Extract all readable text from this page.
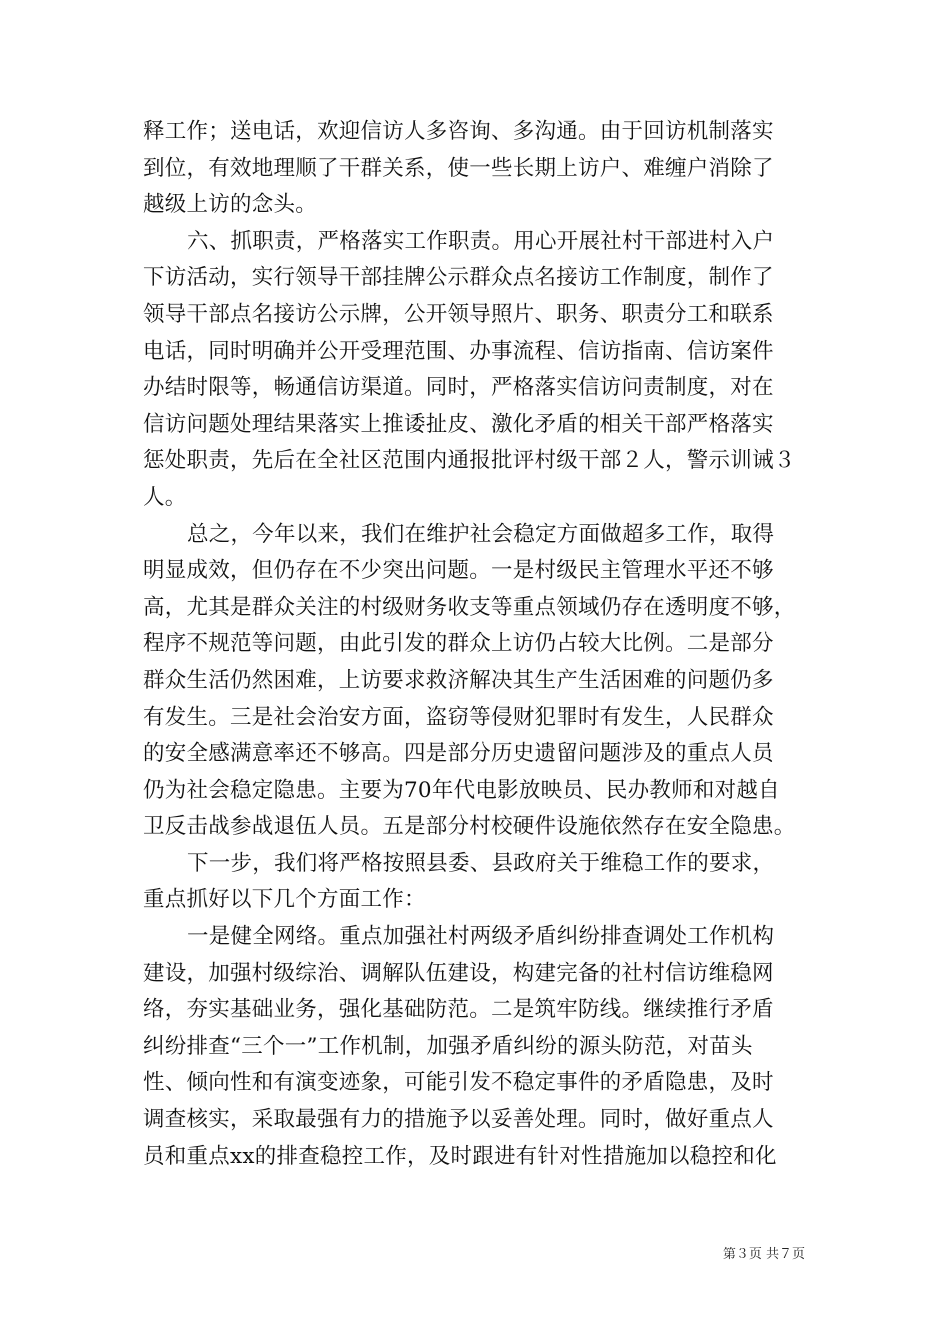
释工作；送电话，欢迎信访人多咨询、多沟通。由于回访机制落实
到位，有效地理顺了干群关系，使一些长期上访户、难缠户消除了
越级上访的念头。
六、抓职责，严格落实工作职责。用心开展社村干部进村入户
下访活动，实行领导干部挂牌公示群众点名接访工作制度，制作了
领导干部点名接访公示牌，公开领导照片、职务、职责分工和联系
电话，同时明确并公开受理范围、办事流程、信访指南、信访案件
办结时限等，畅通信访渠道。同时，严格落实信访问责制度，对在
信访问题处理结果落实上推诿扯皮、激化矛盾的相关干部严格落实
惩处职责，先后在全社区范围内通报批评村级干部２人，警示训诫３
人。
总之，今年以来，我们在维护社会稳定方面做超多工作，取得
明显成效，但仍存在不少突出问题。一是村级民主管理水平还不够
高，尤其是群众关注的村级财务收支等重点领域仍存在透明度不够，
程序不规范等问题，由此引发的群众上访仍占较大比例。二是部分
群众生活仍然困难，上访要求救济解决其生产生活困难的问题仍多
有发生。三是社会治安方面，盗窃等侵财犯罪时有发生，人民群众
的安全感满意率还不够高。四是部分历史遗留问题涉及的重点人员
仍为社会稳定隐患。主要为70年代电影放映员、民办教师和对越自
卫反击战参战退伍人员。五是部分村校硬件设施依然存在安全隐患。
下一步，我们将严格按照县委、县政府关于维稳工作的要求，
重点抓好以下几个方面工作：
一是健全网络。重点加强社村两级矛盾纠纷排查调处工作机构
建设，加强村级综治、调解队伍建设，构建完备的社村信访维稳网
络，夯实基础业务，强化基础防范。二是筑牢防线。继续推行矛盾
纠纷排查“三个一”工作机制，加强矛盾纠纷的源头防范，对苗头
性、倾向性和有演变迹象，可能引发不稳定事件的矛盾隐患，及时
调查核实，采取最强有力的措施予以妥善处理。同时，做好重点人
员和重点xx的排查稳控工作，及时跟进有针对性措施加以稳控和化
第３页 共７页
